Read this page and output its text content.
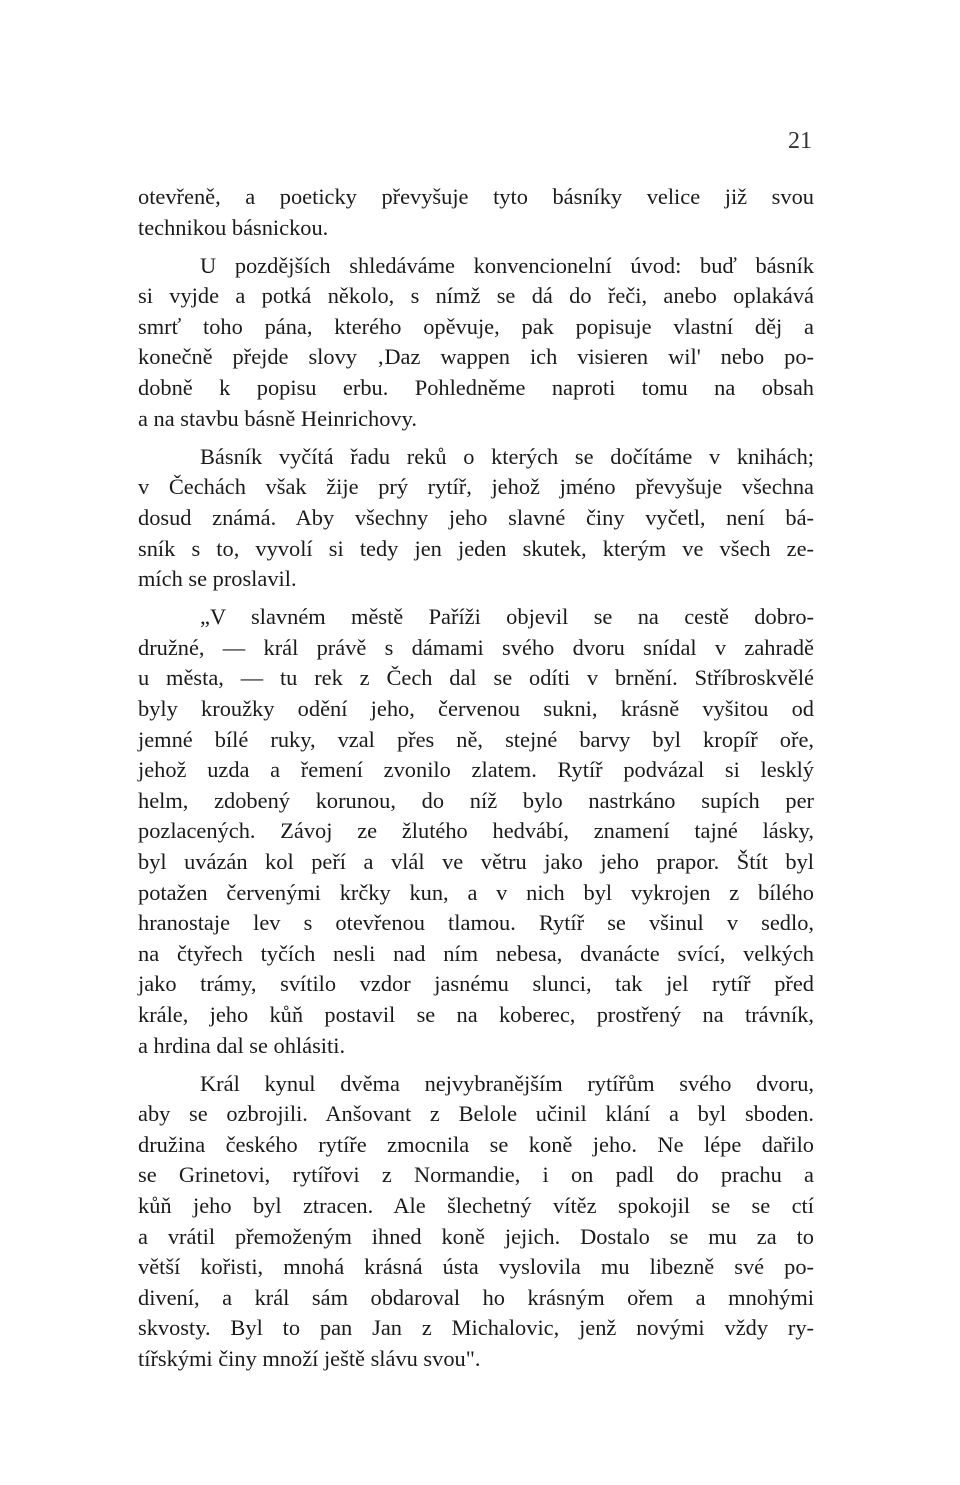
21
otevřeně, a poeticky převyšuje tyto básníky velice již svou
technikou básnickou.
U pozdějších shledáváme konvencionelní úvod: buď básník
si vyjde a potká několo, s nímž se dá do řeči, anebo oplakává
smrť toho pána, kterého opěvuje, pak popisuje vlastní děj a
konečně přejde slovy ‚Daz wappen ich visieren wil' nebo po-
dobně k popisu erbu. Pohledněme naproti tomu na obsah
a na stavbu básně Heinrichovy.
Básník vyčítá řadu reků o kterých se dočítáme v knihách;
v Čechách však žije prý rytíř, jehož jméno převyšuje všechna
dosud známá. Aby všechny jeho slavné činy vyčetl, není bá-
sník s to, vyvolí si tedy jen jeden skutek, kterým ve všech ze-
mích se proslavil.
„V slavném městě Paříži objevil se na cestě dobro-
družné, — král právě s dámami svého dvoru snídal v zahradě
u města, — tu rek z Čech dal se odíti v brnění. Stříbroskvělé
byly kroužky odění jeho, červenou sukni, krásně vyšitou od
jemné bílé ruky, vzal přes ně, stejné barvy byl kropíř oře,
jehož uzda a řemení zvonilo zlatem. Rytíř podvázal si lesklý
helm, zdobený korunou, do níž bylo nastrkáno supích per
pozlacených. Závoj ze žlutého hedvábí, znamení tajné lásky,
byl uvázán kol peří a vlál ve větru jako jeho prapor. Štít byl
potažen červenými krčky kun, a v nich byl vykrojen z bílého
hranostaje lev s otevřenou tlamou. Rytíř se všinul v sedlo,
na čtyřech tyčích nesli nad ním nebesa, dvanácte svící, velkých
jako trámy, svítilo vzdor jasnému slunci, tak jel rytíř před
krále, jeho kůň postavil se na koberec, prostřený na trávník,
a hrdina dal se ohlásiti.
Král kynul dvěma nejvybranějším rytířům svého dvoru,
aby se ozbrojili. Anšovant z Belole učinil klání a byl sboden.
družina českého rytíře zmocnila se koně jeho. Ne lépe dařilo
se Grinetovi, rytířovi z Normandie, i on padl do prachu a
kůň jeho byl ztracen. Ale šlechetný vítěz spokojil se se ctí
a vrátil přemoženým ihned koně jejich. Dostalo se mu za to
větší kořisti, mnohá krásná ústa vyslovila mu libezně své po-
divení, a král sám obdaroval ho krásným ořem a mnohými
skvosty. Byl to pan Jan z Michalovic, jenž novými vždy ry-
tířskými činy množí ještě slávu svou".
